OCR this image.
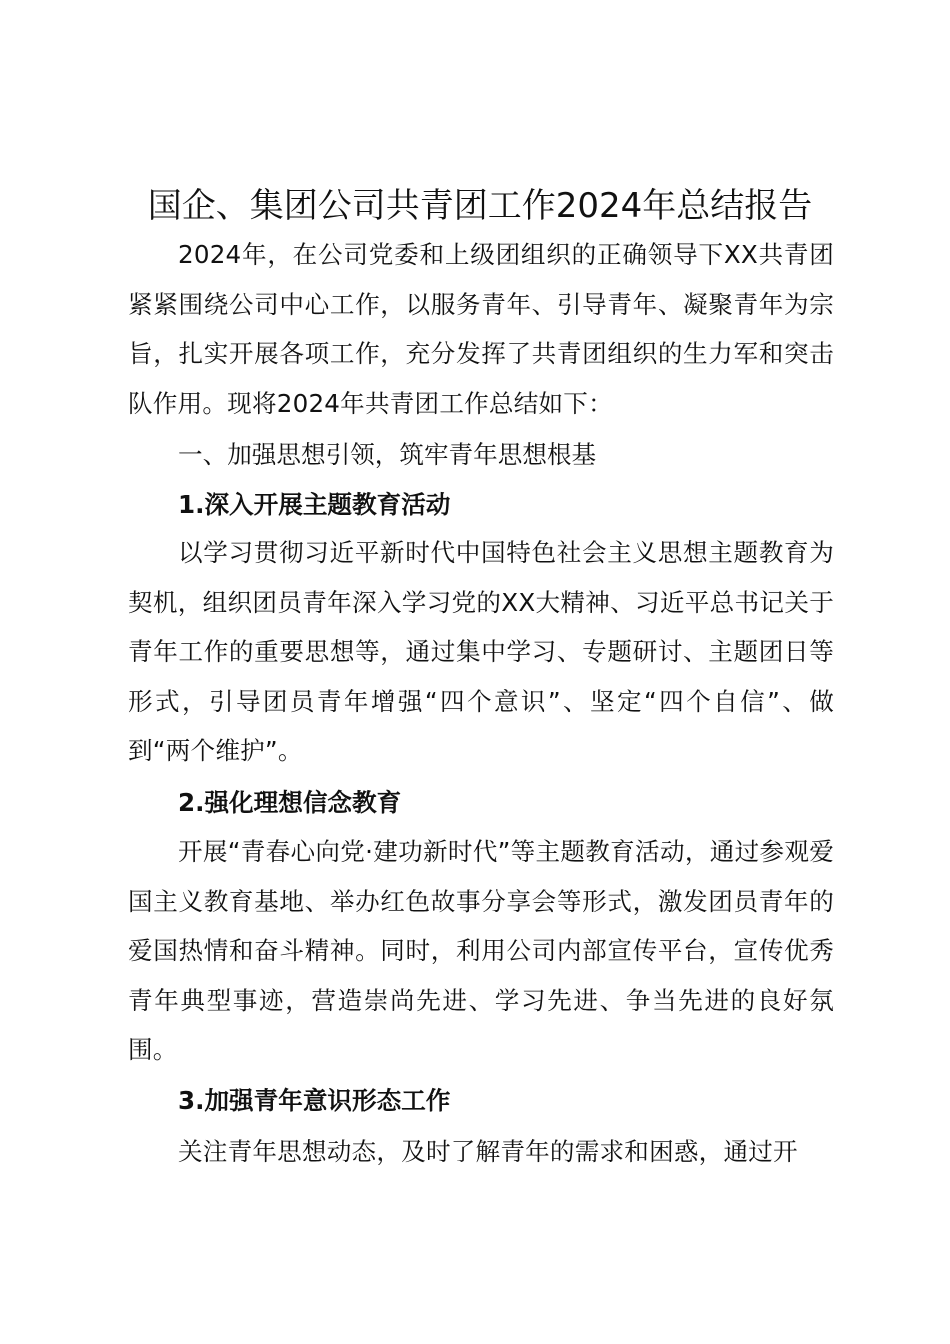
国企、集团公司共青团工作2024年总结报告
2024年，在公司党委和上级团组织的正确领导下XX共青团紧紧围绕公司中心工作，以服务青年、引导青年、凝聚青年为宗旨，扎实开展各项工作，充分发挥了共青团组织的生力军和突击队作用。现将2024年共青团工作总结如下：
一、加强思想引领，筑牢青年思想根基
1.深入开展主题教育活动
以学习贯彻习近平新时代中国特色社会主义思想主题教育为契机，组织团员青年深入学习党的XX大精神、习近平总书记关于青年工作的重要思想等，通过集中学习、专题研讨、主题团日等形式，引导团员青年增强“四个意识”、坚定“四个自信”、做到“两个维护”。
2.强化理想信念教育
开展“青春心向党·建功新时代”等主题教育活动，通过参观爱国主义教育基地、举办红色故事分享会等形式，激发团员青年的爱国热情和奋斗精神。同时，利用公司内部宣传平台，宣传优秀青年典型事迹，营造崇尚先进、学习先进、争当先进的良好氛围。
3.加强青年意识形态工作
关注青年思想动态，及时了解青年的需求和困惑，通过开
